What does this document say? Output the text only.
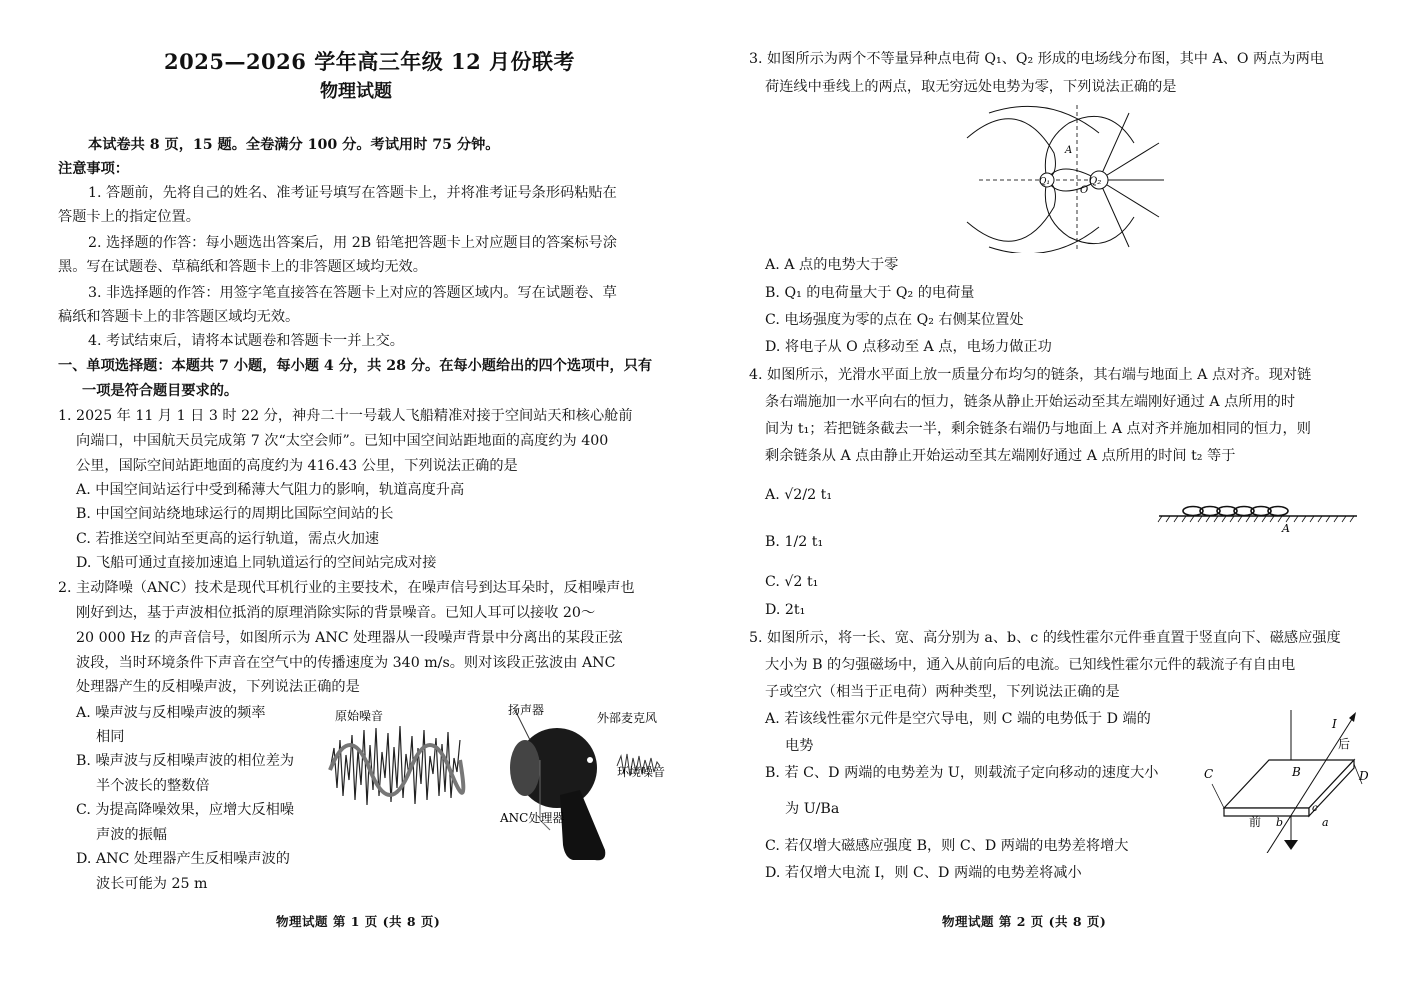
2025—2026 学年高三年级 12 月份联考
物理试题
本试卷共 8 页，15 题。全卷满分 100 分。考试用时 75 分钟。
注意事项：
1. 答题前，先将自己的姓名、准考证号填写在答题卡上，并将准考证号条形码粘贴在
答题卡上的指定位置。
2. 选择题的作答：每小题选出答案后，用 2B 铅笔把答题卡上对应题目的答案标号涂
黑。写在试题卷、草稿纸和答题卡上的非答题区域均无效。
3. 非选择题的作答：用签字笔直接答在答题卡上对应的答题区域内。写在试题卷、草
稿纸和答题卡上的非答题区域均无效。
4. 考试结束后，请将本试题卷和答题卡一并上交。
一、单项选择题：本题共 7 小题，每小题 4 分，共 28 分。在每小题给出的四个选项中，只有
一项是符合题目要求的。
1. 2025 年 11 月 1 日 3 时 22 分，神舟二十一号载人飞船精准对接于空间站天和核心舱前
向端口，中国航天员完成第 7 次“太空会师”。已知中国空间站距地面的高度约为 400
公里，国际空间站距地面的高度约为 416.43 公里，下列说法正确的是
A. 中国空间站运行中受到稀薄大气阻力的影响，轨道高度升高
B. 中国空间站绕地球运行的周期比国际空间站的长
C. 若推送空间站至更高的运行轨道，需点火加速
D. 飞船可通过直接加速追上同轨道运行的空间站完成对接
2. 主动降噪（ANC）技术是现代耳机行业的主要技术，在噪声信号到达耳朵时，反相噪声也
刚好到达，基于声波相位抵消的原理消除实际的背景噪音。已知人耳可以接收 20～
20 000 Hz 的声音信号，如图所示为 ANC 处理器从一段噪声背景中分离出的某段正弦
波段，当时环境条件下声音在空气中的传播速度为 340 m/s。则对该段正弦波由 ANC
处理器产生的反相噪声波，下列说法正确的是
A. 噪声波与反相噪声波的频率
相同
B. 噪声波与反相噪声波的相位差为
半个波长的整数倍
C. 为提高降噪效果，应增大反相噪
声波的振幅
D. ANC 处理器产生反相噪声波的
波长可能为 25 m
原始噪音	扬声器
外部麦克风
环境噪音
ANC处理器
物理试题 第 1 页 (共 8 页)
3. 如图所示为两个不等量异种点电荷 Q₁、Q₂ 形成的电场线分布图，其中 A、O 两点为两电
荷连线中垂线上的两点，取无穷远处电势为零，下列说法正确的是
Q₂
Q₁
A
O
A. A 点的电势大于零
B. Q₁ 的电荷量大于 Q₂ 的电荷量
C. 电场强度为零的点在 Q₂ 右侧某位置处
D. 将电子从 O 点移动至 A 点，电场力做正功
4. 如图所示，光滑水平面上放一质量分布均匀的链条，其右端与地面上 A 点对齐。现对链
条右端施加一水平向右的恒力，链条从静止开始运动至其左端刚好通过 A 点所用的时
间为 t₁；若把链条截去一半，剩余链条右端仍与地面上 A 点对齐并施加相同的恒力，则
剩余链条从 A 点由静止开始运动至其左端刚好通过 A 点所用的时间 t₂ 等于
A. √2/2 t₁
B. 1/2 t₁
C. √2 t₁
D. 2t₁
A
5. 如图所示，将一长、宽、高分别为 a、b、c 的线性霍尔元件垂直置于竖直向下、磁感应强度
大小为 B 的匀强磁场中，通入从前向后的电流。已知线性霍尔元件的载流子有自由电
子或空穴（相当于正电荷）两种类型，下列说法正确的是
A. 若该线性霍尔元件是空穴导电，则 C 端的电势低于 D 端的
电势
B. 若 C、D 两端的电势差为 U，则载流子定向移动的速度大小
为 U/Ba
C. 若仅增大磁感应强度 B，则 C、D 两端的电势差将增大
D. 若仅增大电流 I，则 C、D 两端的电势差将减小
I
后
B
C	D
a
c
前 b
物理试题 第 2 页 (共 8 页)
